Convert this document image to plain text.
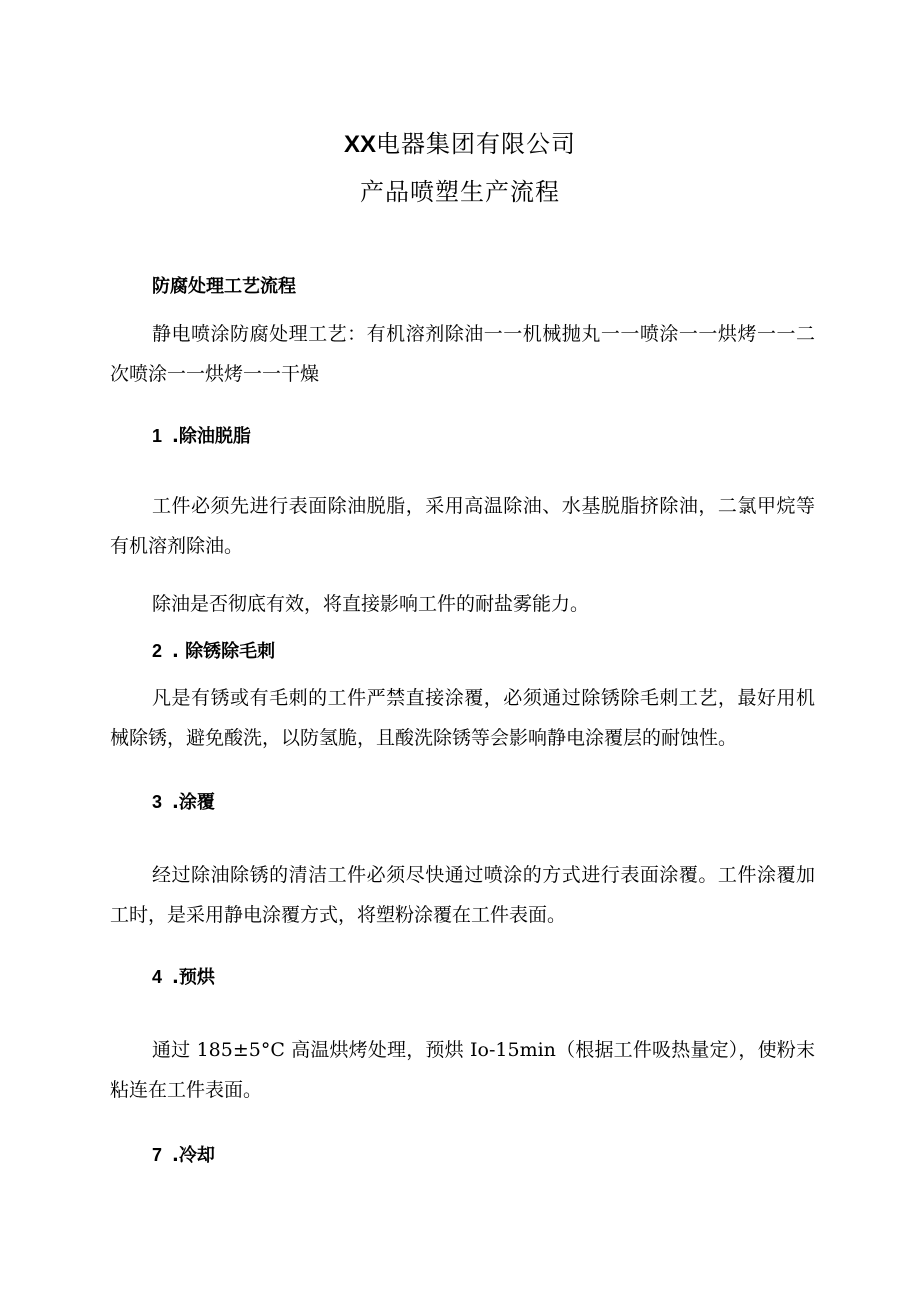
XX电器集团有限公司
产品喷塑生产流程
防腐处理工艺流程

静电喷涂防腐处理工艺：有机溶剂除油一一机械抛丸一一喷涂一一烘烤一一二次喷涂一一烘烤一一干燥

1 .除油脱脂

工件必须先进行表面除油脱脂，采用高温除油、水基脱脂挤除油，二氯甲烷等有机溶剂除油。

除油是否彻底有效，将直接影响工件的耐盐雾能力。

2 . 除锈除毛刺

凡是有锈或有毛刺的工件严禁直接涂覆，必须通过除锈除毛刺工艺，最好用机械除锈，避免酸洗，以防氢脆，且酸洗除锈等会影响静电涂覆层的耐蚀性。

3 .涂覆

经过除油除锈的清洁工件必须尽快通过喷涂的方式进行表面涂覆。工件涂覆加工时，是采用静电涂覆方式，将塑粉涂覆在工件表面。

4 .预烘

通过 185±5°C 高温烘烤处理，预烘 Io-15min（根据工件吸热量定），使粉末粘连在工件表面。

7 .冷却
